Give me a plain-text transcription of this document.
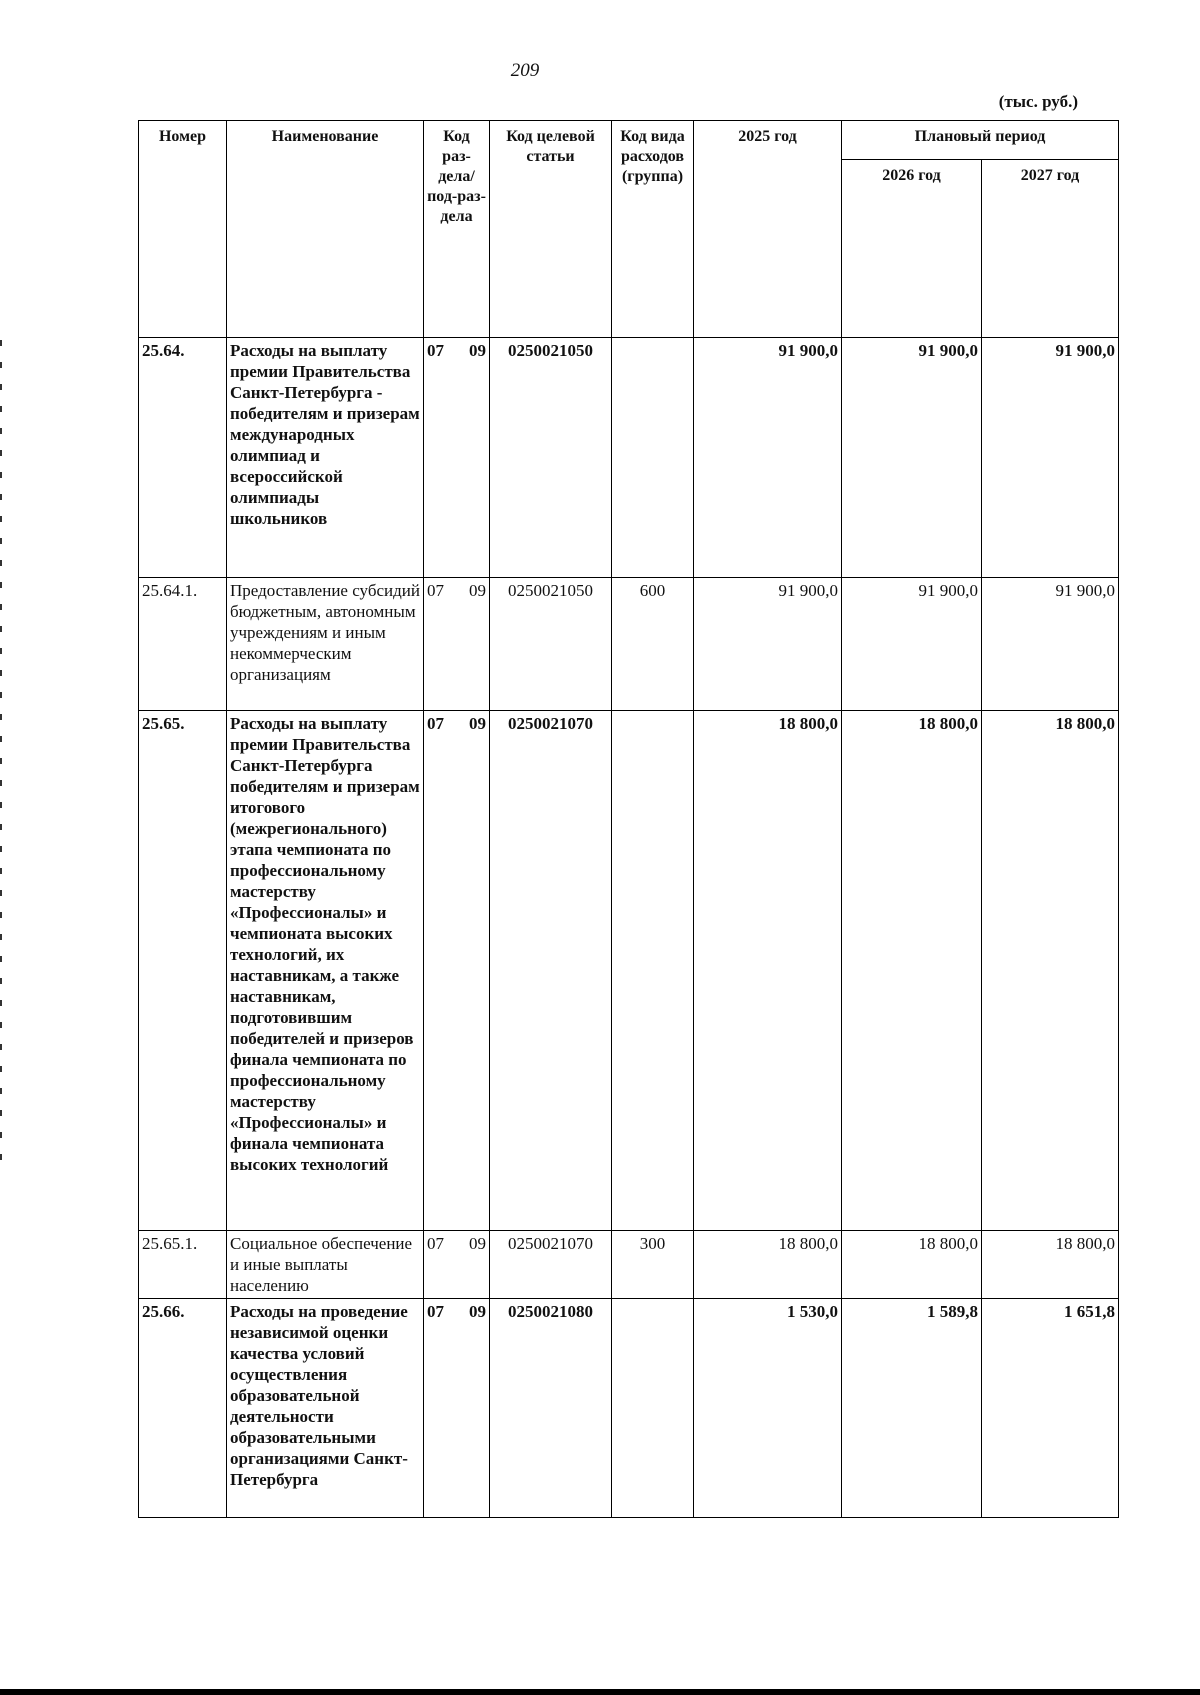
209
(тыс. руб.)
Номер	Наименование	Код раз-дела/ под-раз-дела	Код целевой статьи	Код вида расходов (группа)	2025 год	Плановый период	
						2026 год	2027 год
25.64.	Расходы на выплату премии Правительства Санкт-Петербурга - победителям и призерам международных олимпиад и всероссийской олимпиады школьников	07 09	0250021050		91 900,0	91 900,0	91 900,0
25.64.1.	Предоставление субсидий бюджетным, автономным учреждениям и иным некоммерческим организациям	07 09	0250021050	600	91 900,0	91 900,0	91 900,0
25.65.	Расходы на выплату премии Правительства Санкт-Петербурга победителям и призерам итогового (межрегионального) этапа чемпионата по профессиональному мастерству «Профессионалы» и чемпионата высоких технологий, их наставникам, а также наставникам, подготовившим победителей и призеров финала чемпионата по профессиональному мастерству «Профессионалы» и финала чемпионата высоких технологий	07 09	0250021070		18 800,0	18 800,0	18 800,0
25.65.1.	Социальное обеспечение и иные выплаты населению	07 09	0250021070	300	18 800,0	18 800,0	18 800,0
25.66.	Расходы на проведение независимой оценки качества условий осуществления образовательной деятельности образовательными организациями Санкт-Петербурга	07 09	0250021080		1 530,0	1 589,8	1 651,8
